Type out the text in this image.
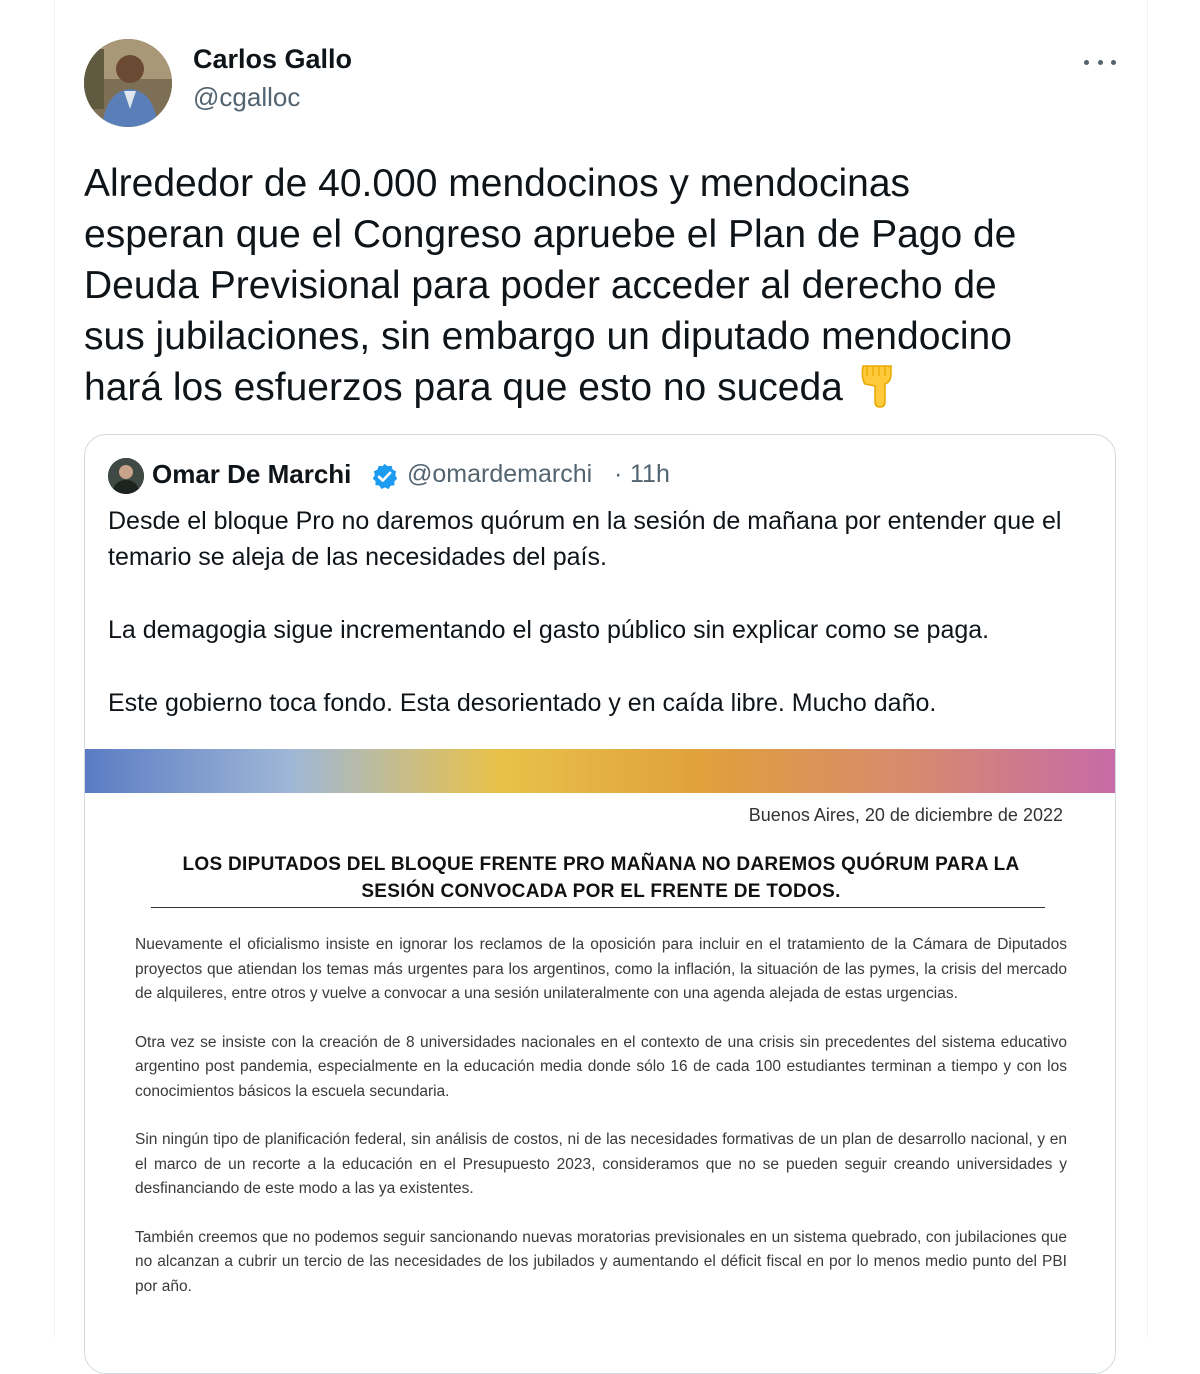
Carlos Gallo
@cgalloc
Alrededor de 40.000 mendocinos y mendocinas
esperan que el Congreso apruebe el Plan de Pago de
Deuda Previsional para poder acceder al derecho de
sus jubilaciones, sin embargo un diputado mendocino
hará los esfuerzos para que esto no suceda
Omar De Marchi @omardemarchi · 11h

Desde el bloque Pro no daremos quórum en la sesión de mañana por entender que el temario se aleja de las necesidades del país.

La demagogia sigue incrementando el gasto público sin explicar como se paga.

Este gobierno toca fondo. Esta desorientado y en caída libre. Mucho daño.

Buenos Aires, 20 de diciembre de 2022
LOS DIPUTADOS DEL BLOQUE FRENTE PRO MAÑANA NO DAREMOS QUÓRUM PARA LA SESIÓN CONVOCADA POR EL FRENTE DE TODOS.

Nuevamente el oficialismo insiste en ignorar los reclamos de la oposición para incluir en el tratamiento de la Cámara de Diputados proyectos que atiendan los temas más urgentes para los argentinos, como la inflación, la situación de las pymes, la crisis del mercado de alquileres, entre otros y vuelve a convocar a una sesión unilateralmente con una agenda alejada de estas urgencias.

Otra vez se insiste con la creación de 8 universidades nacionales en el contexto de una crisis sin precedentes del sistema educativo argentino post pandemia, especialmente en la educación media donde sólo 16 de cada 100 estudiantes terminan a tiempo y con los conocimientos básicos la escuela secundaria.

Sin ningún tipo de planificación federal, sin análisis de costos, ni de las necesidades formativas de un plan de desarrollo nacional, y en el marco de un recorte a la educación en el Presupuesto 2023, consideramos que no se pueden seguir creando universidades y desfinanciando de este modo a las ya existentes.

También creemos que no podemos seguir sancionando nuevas moratorias previsionales en un sistema quebrado, con jubilaciones que no alcanzan a cubrir un tercio de las necesidades de los jubilados y aumentando el déficit fiscal en por lo menos medio punto del PBI por año.
